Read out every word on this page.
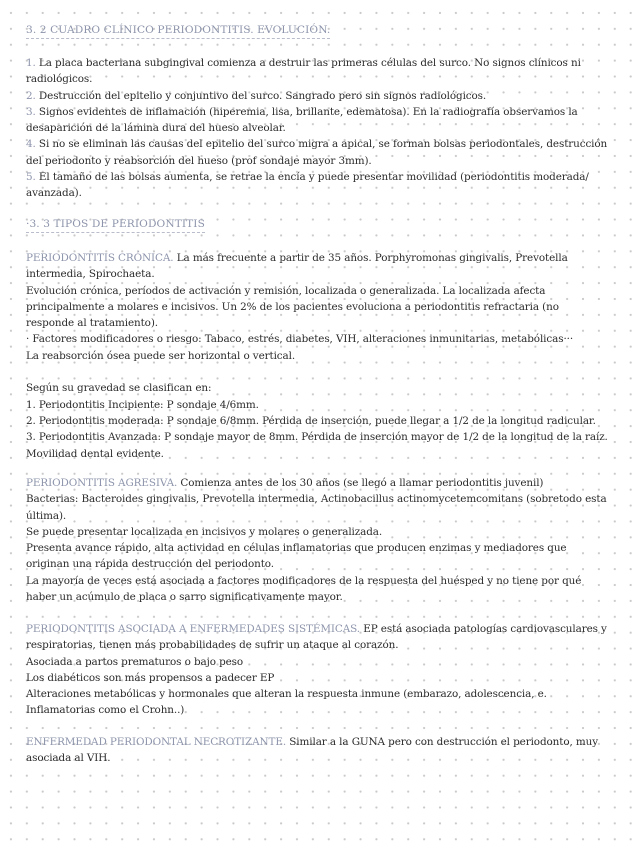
3. 2 CUADRO CLÍNICO PERIODONTITIS. EVOLUCIÓN.

1. La placa bacteriana subgingival comienza a destruir las primeras células del surco. No signos clínicos ni radiológicos.

2. Destrucción del epitelio y conjuntivo del surco. Sangrado pero sin signos radiológicos.

3. Signos evidentes de inflamación (hiperemia, lisa, brillante, edematosa). En la radiografía observamos la desaparición de la lámina dura del hueso alveolar.

4. Si no se eliminan las causas del epitelio del surco migra a apical, se forman bolsas periodontales, destrucción del periodonto y reabsorción del hueso (prof sondaje mayor 3mm).

5. El tamaño de las bolsas aumenta, se retrae la encía y puede presentar movilidad (periodontitis moderada/ avanzada).

·3. 3 TIPOS DE PERIODONTITIS

PERIODONTITIS CRÓNICA. La más frecuente a partir de 35 años. Porphyromonas gingivalis, Prevotella intermedia, Spirochaeta.

Evolución crónica, períodos de activación y remisión, localizada o generalizada. La localizada afecta principalmente a molares e incisivos. Un 2% de los pacientes evoluciona a periodontitis refractaria (no responde al tratamiento).

· Factores modificadores o riesgo: Tabaco, estrés, diabetes, VIH, alteraciones inmunitarias, metabólicas···

La reabsorción ósea puede ser horizontal o vertical.

Según su gravedad se clasifican en:

1. Periodontitis Incipiente: P sondaje 4/6mm.

2. Periodontitis moderada: P sondaje 6/8mm. Pérdida de inserción, puede llegar a 1/2 de la longitud radicular.

3. Periodontitis Avanzada: P sondaje mayor de 8mm. Pérdida de inserción mayor de 1/2 de la longitud de la raíz. Movilidad dental evidente.

PERIODONTITIS AGRESIVA. Comienza antes de los 30 años (se llegó a llamar periodontitis juvenil)

Bacterias: Bacteroides gingivalis, Prevotella intermedia, Actinobacillus actinomycetemcomitans (sobretodo esta última).

Se puede presentar localizada en incisivos y molares o generalizada.

Presenta avance rápido, alta actividad en células inflamatorias que producen enzimas y mediadores que originan una rápida destrucción del periodonto.

La mayoría de veces está asociada a factores modificadores de la respuesta del huésped y no tiene por qué haber un acúmulo de placa o sarro significativamente mayor.

PERIODONTITIS ASOCIADA A ENFERMEDADES SISTÉMICAS. EP está asociada patologías cardiovasculares y respiratorias, tienen más probabilidades de sufrir un ataque al corazón.

Asociada a partos prematuros o bajo peso

Los diabéticos son más propensos a padecer EP

Alteraciones metabólicas y hormonales que alteran la respuesta inmune (embarazo, adolescencia, e. Inflamatorias como el Crohn..)

ENFERMEDAD PERIODONTAL NECROTIZANTE. Similar a la GUNA pero con destrucción el periodonto, muy asociada al VIH.
